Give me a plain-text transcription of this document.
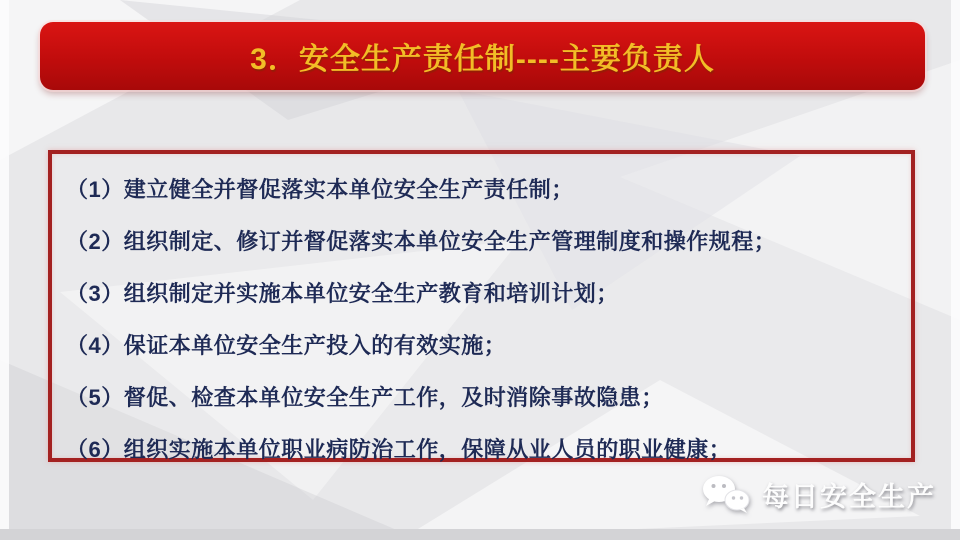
3．安全生产责任制----主要负责人
（1）建立健全并督促落实本单位安全生产责任制；
（2）组织制定、修订并督促落实本单位安全生产管理制度和操作规程；
（3）组织制定并实施本单位安全生产教育和培训计划；
（4）保证本单位安全生产投入的有效实施；
（5）督促、检查本单位安全生产工作，及时消除事故隐患；
（6）组织实施本单位职业病防治工作，保障从业人员的职业健康；
每日安全生产
